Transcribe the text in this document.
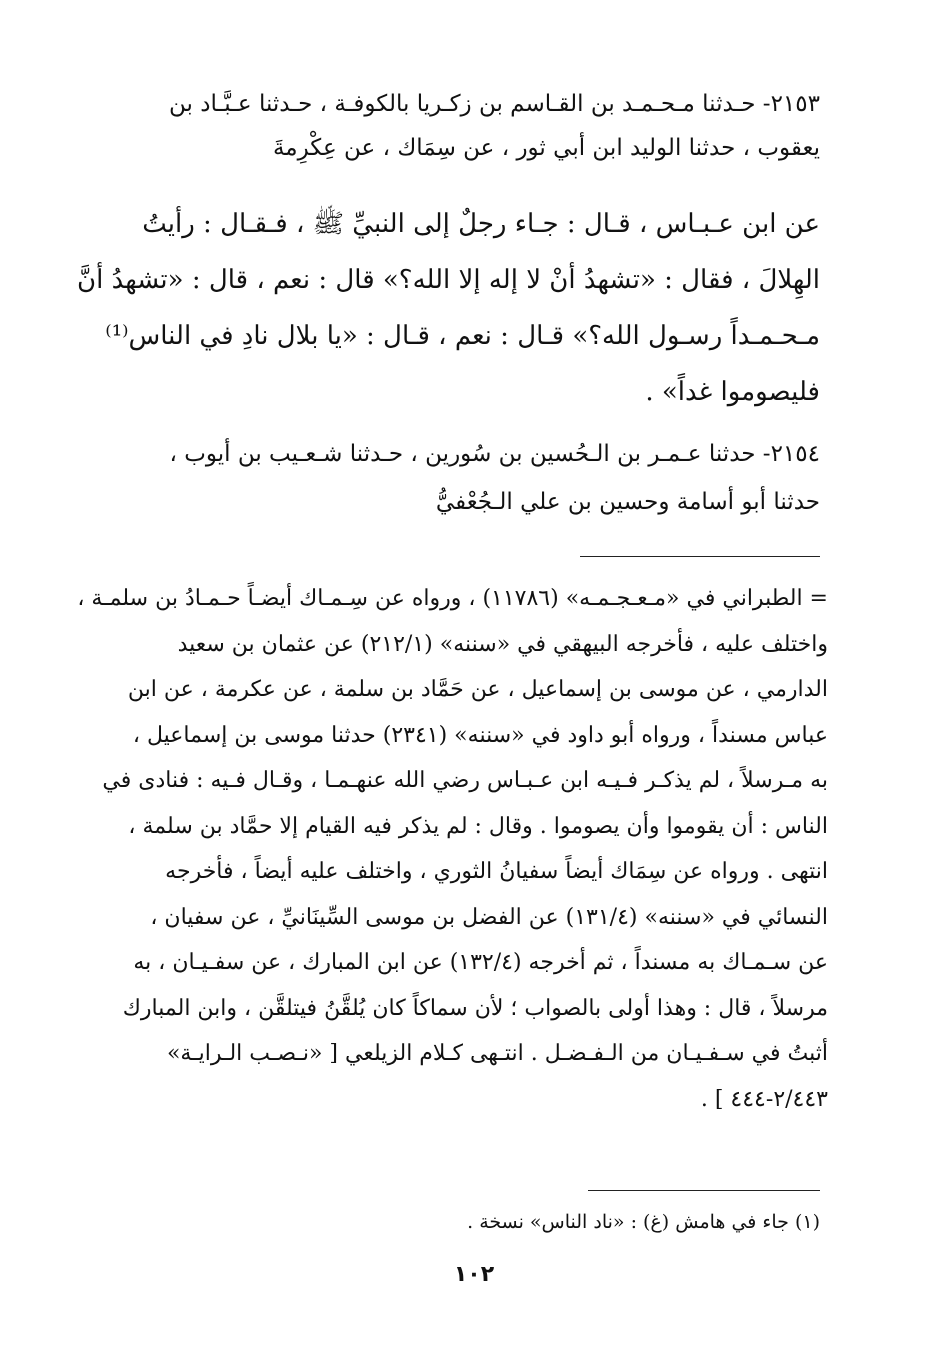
٢١٥٣- حـدثنا مـحـمـد بن القـاسم بن زكـريا بالكوفـة ، حـدثنا عـبَّـاد بن
يعقوب ، حدثنا الوليد ابن أبي ثور ، عن سِمَاك ، عن عِكْرِمةَ
عن ابن عـبـاس ، قـال : جـاء رجلٌ إلى النبيِّ ﷺ ، فـقـال : رأيتُ
الهِلالَ ، فقال : «تشهدُ أنْ لا إله إلا الله؟» قال : نعم ، قال : «تشهدُ أنَّ
مـحـمـداً رسـول الله؟» قـال : نعم ، قـال : «يا بلال نادِ في الناس⁽¹⁾
فليصوموا غداً» .
٢١٥٤- حدثنا عـمـر بن الـحُسين بن سُورين ، حـدثنا شـعـيب بن أيوب ،
حدثنا أبو أسامة وحسين بن علي الـجُعْفيُّ
= الطبراني في «مـعـجـمـه» (١١٧٨٦) ، ورواه عن سِـمـاك أيضـاً حـمـادُ بن سلمـة ،
واختلف عليه ، فأخرجه البيهقي في «سننه» (٢١٢/١) عن عثمان بن سعيد
الدارمي ، عن موسى بن إسماعيل ، عن حَمَّاد بن سلمة ، عن عكرمة ، عن ابن
عباس مسنداً ، ورواه أبو داود في «سننه» (٢٣٤١) حدثنا موسى بن إسماعيل ،
به مـرسلاً ، لم يذكـر فـيـه ابن عـبـاس رضي الله عنهـمـا ، وقـال فـيه : فنادى في
الناس : أن يقوموا وأن يصوموا . وقال : لم يذكر فيه القيام إلا حمَّاد بن سلمة ،
انتهى . ورواه عن سِمَاك أيضاً سفيانُ الثوري ، واختلف عليه أيضاً ، فأخرجه
النسائي في «سننه» (١٣١/٤) عن الفضل بن موسى السِّينَانيِّ ، عن سفيان ،
عن سـمـاك به مسنداً ، ثم أخرجه (١٣٢/٤) عن ابن المبارك ، عن سفـيـان ، به
مرسلاً ، قال : وهذا أولى بالصواب ؛ لأن سماكاً كان يُلقَّنُ فيتلقَّن ، وابن المبارك
أثبتُ في سـفـيـان من الـفـضـل . انتـهى كـلام الزيلعي [ «نـصـب الـرايـة»
٢/٤٤٣-٤٤٤ ] .
(١) جاء في هامش (غ) : «ناد الناس» نسخة .
١٠٢
